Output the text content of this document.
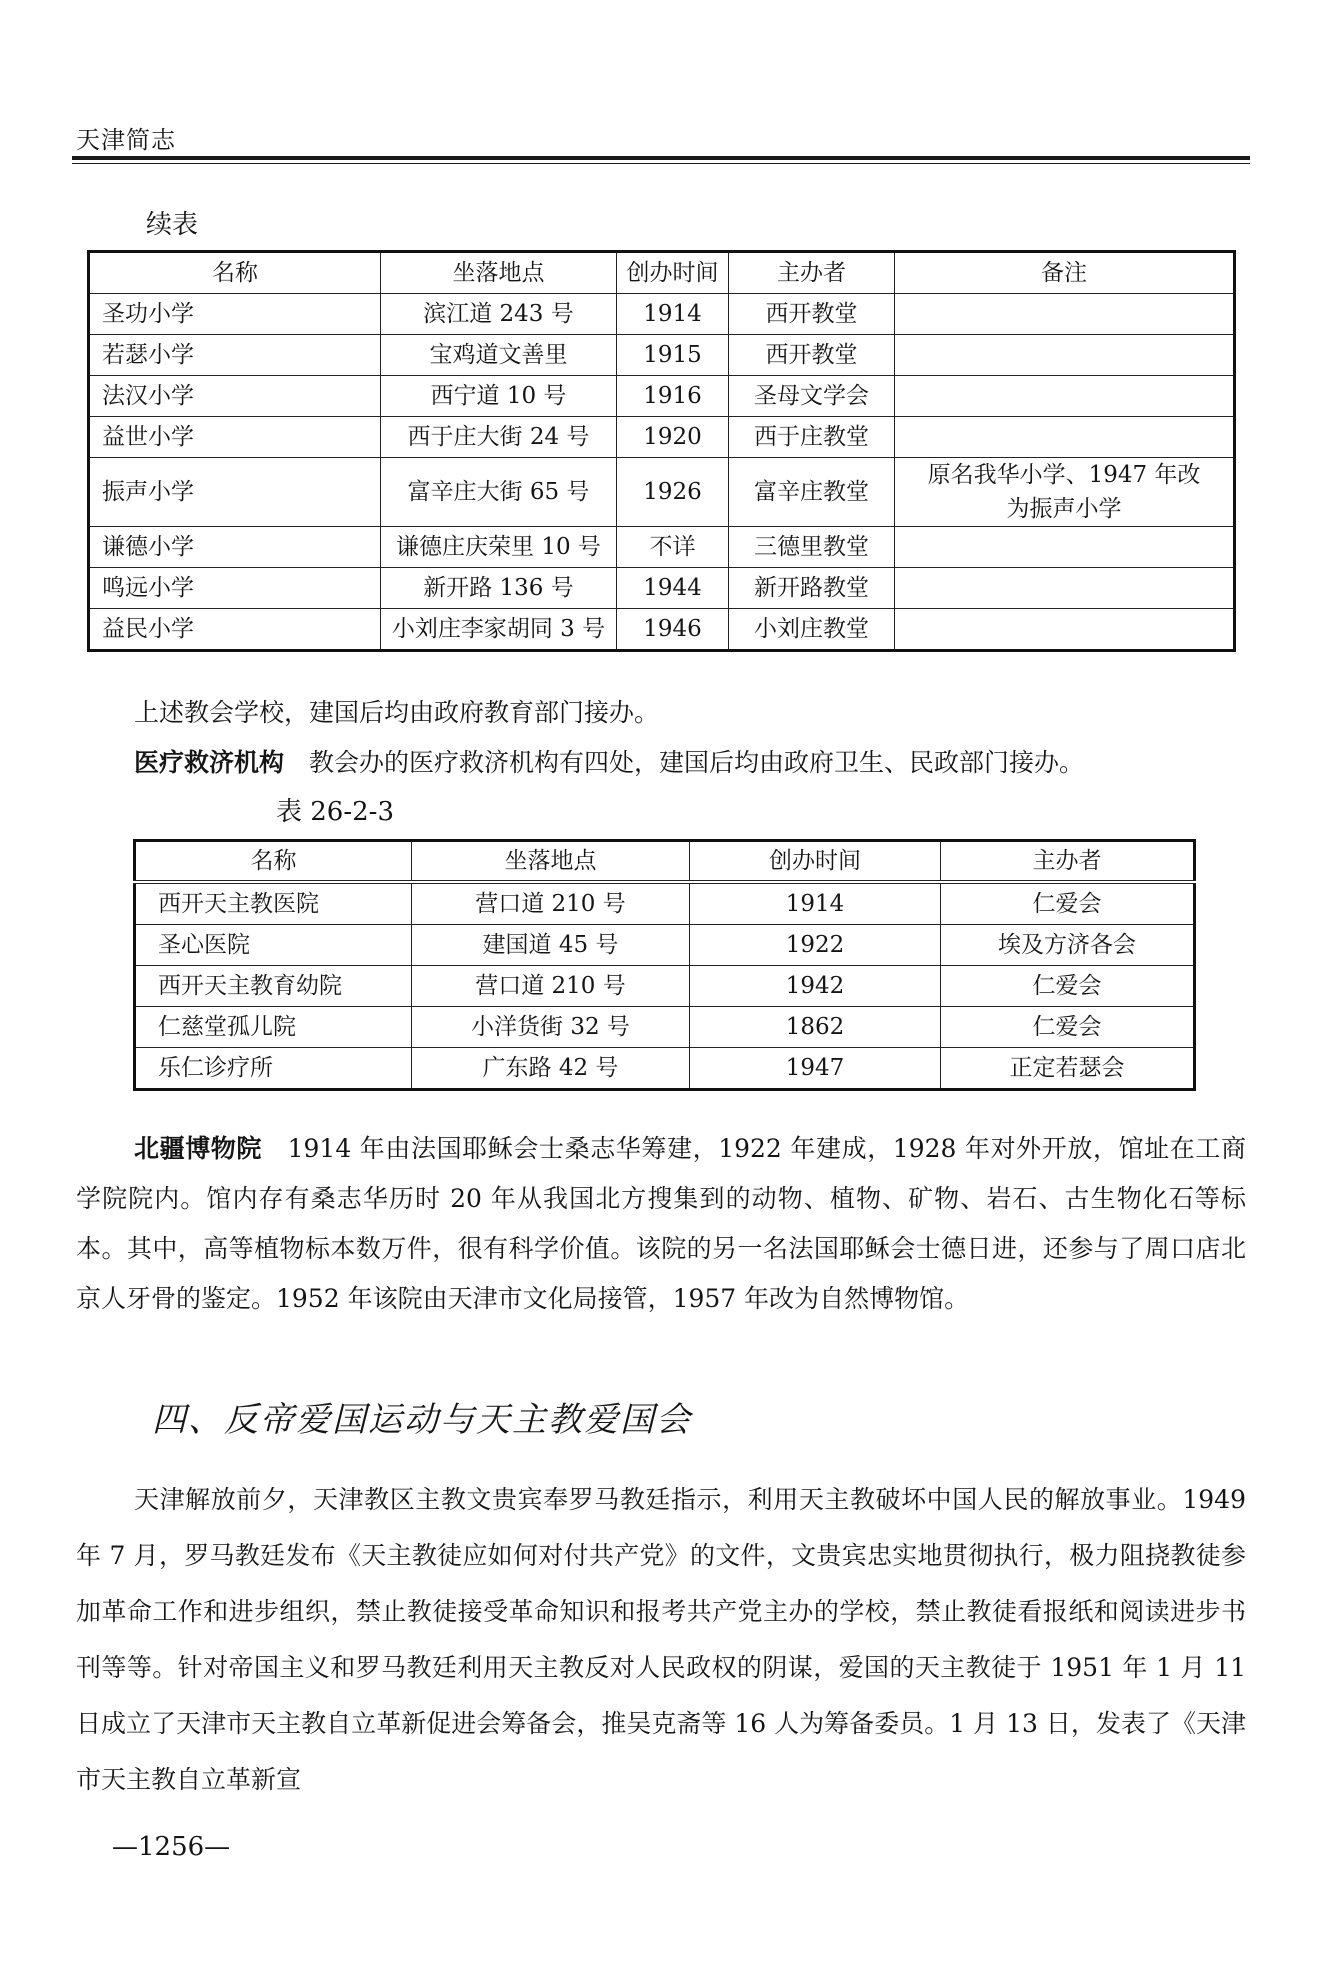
天津简志
续表
名称	坐落地点	创办时间	主办者	备注
圣功小学	滨江道 243 号	1914	西开教堂	
若瑟小学	宝鸡道文善里	1915	西开教堂	
法汉小学	西宁道 10 号	1916	圣母文学会	
益世小学	西于庄大街 24 号	1920	西于庄教堂	
振声小学	富辛庄大街 65 号	1926	富辛庄教堂	原名我华小学、1947 年改为振声小学
谦德小学	谦德庄庆荣里 10 号	不详	三德里教堂	
鸣远小学	新开路 136 号	1944	新开路教堂	
益民小学	小刘庄李家胡同 3 号	1946	小刘庄教堂	
上述教会学校，建国后均由政府教育部门接办。
医疗救济机构　 教会办的医疗救济机构有四处，建国后均由政府卫生、民政部门接办。
表 26-2-3
名称	坐落地点	创办时间	主办者
西开天主教医院	营口道 210 号	1914	仁爱会
圣心医院	建国道 45 号	1922	埃及方济各会
西开天主教育幼院	营口道 210 号	1942	仁爱会
仁慈堂孤儿院	小洋货街 32 号	1862	仁爱会
乐仁诊疗所	广东路 42 号	1947	正定若瑟会
北疆博物院　 1914 年由法国耶稣会士桑志华筹建，1922 年建成，1928 年对外开放，馆址在工商学院院内。馆内存有桑志华历时 20 年从我国北方搜集到的动物、植物、矿物、岩石、古生物化石等标本。其中，高等植物标本数万件，很有科学价值。该院的另一名法国耶稣会士德日进，还参与了周口店北京人牙骨的鉴定。1952 年该院由天津市文化局接管，1957 年改为自然博物馆。
四、反帝爱国运动与天主教爱国会
天津解放前夕，天津教区主教文贵宾奉罗马教廷指示，利用天主教破坏中国人民的解放事业。1949 年 7 月，罗马教廷发布《天主教徒应如何对付共产党》的文件，文贵宾忠实地贯彻执行，极力阻挠教徒参加革命工作和进步组织，禁止教徒接受革命知识和报考共产党主办的学校，禁止教徒看报纸和阅读进步书刊等等。针对帝国主义和罗马教廷利用天主教反对人民政权的阴谋，爱国的天主教徒于 1951 年 1 月 11 日成立了天津市天主教自立革新促进会筹备会，推吴克斋等 16 人为筹备委员。1 月 13 日，发表了《天津市天主教自立革新宣
—1256—
